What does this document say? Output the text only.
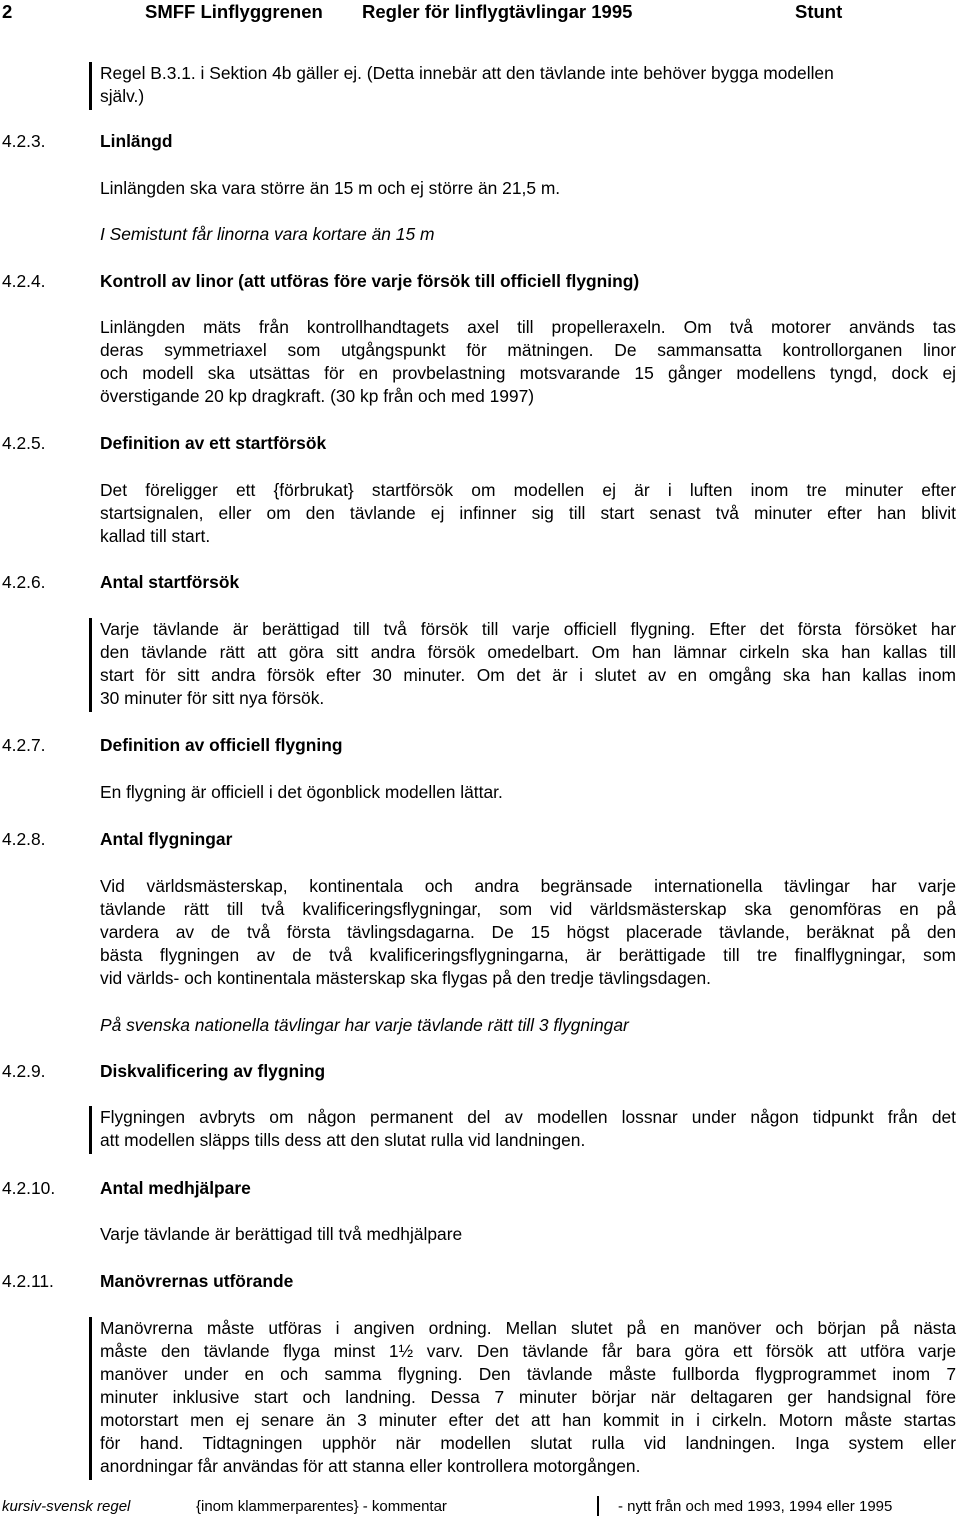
2	SMFF Linflyggrenen Regler för linflygtävlingar 1995	Stunt
Regel B.3.1. i Sektion 4b gäller ej. (Detta innebär att den tävlande inte behöver bygga modellen
själv.)
4.2.3.	Linlängd
Linlängden ska vara större än 15 m och ej större än 21,5 m.
I Semistunt får linorna vara kortare än 15 m
4.2.4.	Kontroll av linor (att utföras före varje försök till officiell flygning)
Linlängden mäts från kontrollhandtagets axel till propelleraxeln. Om två motorer används tas
deras symmetriaxel som utgångspunkt för mätningen. De sammansatta kontrollorganen linor
och modell ska utsättas för en provbelastning motsvarande 15 gånger modellens tyngd, dock ej
överstigande 20 kp dragkraft. (30 kp från och med 1997)
4.2.5.	Definition av ett startförsök
Det föreligger ett {förbrukat} startförsök om modellen ej är i luften inom tre minuter efter
startsignalen, eller om den tävlande ej infinner sig till start senast två minuter efter han blivit
kallad till start.
4.2.6.	Antal startförsök
Varje tävlande är berättigad till två försök till varje officiell flygning. Efter det första försöket har
den tävlande rätt att göra sitt andra försök omedelbart. Om han lämnar cirkeln ska han kallas till
start för sitt andra försök efter 30 minuter. Om det är i slutet av en omgång ska han kallas inom
30 minuter för sitt nya försök.
4.2.7.	Definition av officiell flygning
En flygning är officiell i det ögonblick modellen lättar.
4.2.8.	Antal flygningar
Vid världsmästerskap, kontinentala och andra begränsade internationella tävlingar har varje
tävlande rätt till två kvalificeringsflygningar, som vid världsmästerskap ska genomföras en på
vardera av de två första tävlingsdagarna. De 15 högst placerade tävlande, beräknat på den
bästa flygningen av de två kvalificeringsflygningarna, är berättigade till tre finalflygningar, som
vid världs- och kontinentala mästerskap ska flygas på den tredje tävlingsdagen.
På svenska nationella tävlingar har varje tävlande rätt till 3 flygningar
4.2.9.	Diskvalificering av flygning
Flygningen avbryts om någon permanent del av modellen lossnar under någon tidpunkt från det
att modellen släpps tills dess att den slutat rulla vid landningen.
4.2.10.	Antal medhjälpare
Varje tävlande är berättigad till två medhjälpare
4.2.11.	Manövrernas utförande
Manövrerna måste utföras i angiven ordning. Mellan slutet på en manöver och början på nästa
måste den tävlande flyga minst 1½ varv. Den tävlande får bara göra ett försök att utföra varje
manöver under en och samma flygning. Den tävlande måste fullborda flygprogrammet inom 7
minuter inklusive start och landning. Dessa 7 minuter börjar när deltagaren ger handsignal före
motorstart men ej senare än 3 minuter efter det att han kommit in i cirkeln. Motorn måste startas
för hand. Tidtagningen upphör när modellen slutat rulla vid landningen. Inga system eller
anordningar får användas för att stanna eller kontrollera motorgången.
kursiv-svensk regel	{inom klammerparentes} - kommentar	- nytt från och med 1993, 1994 eller 1995
